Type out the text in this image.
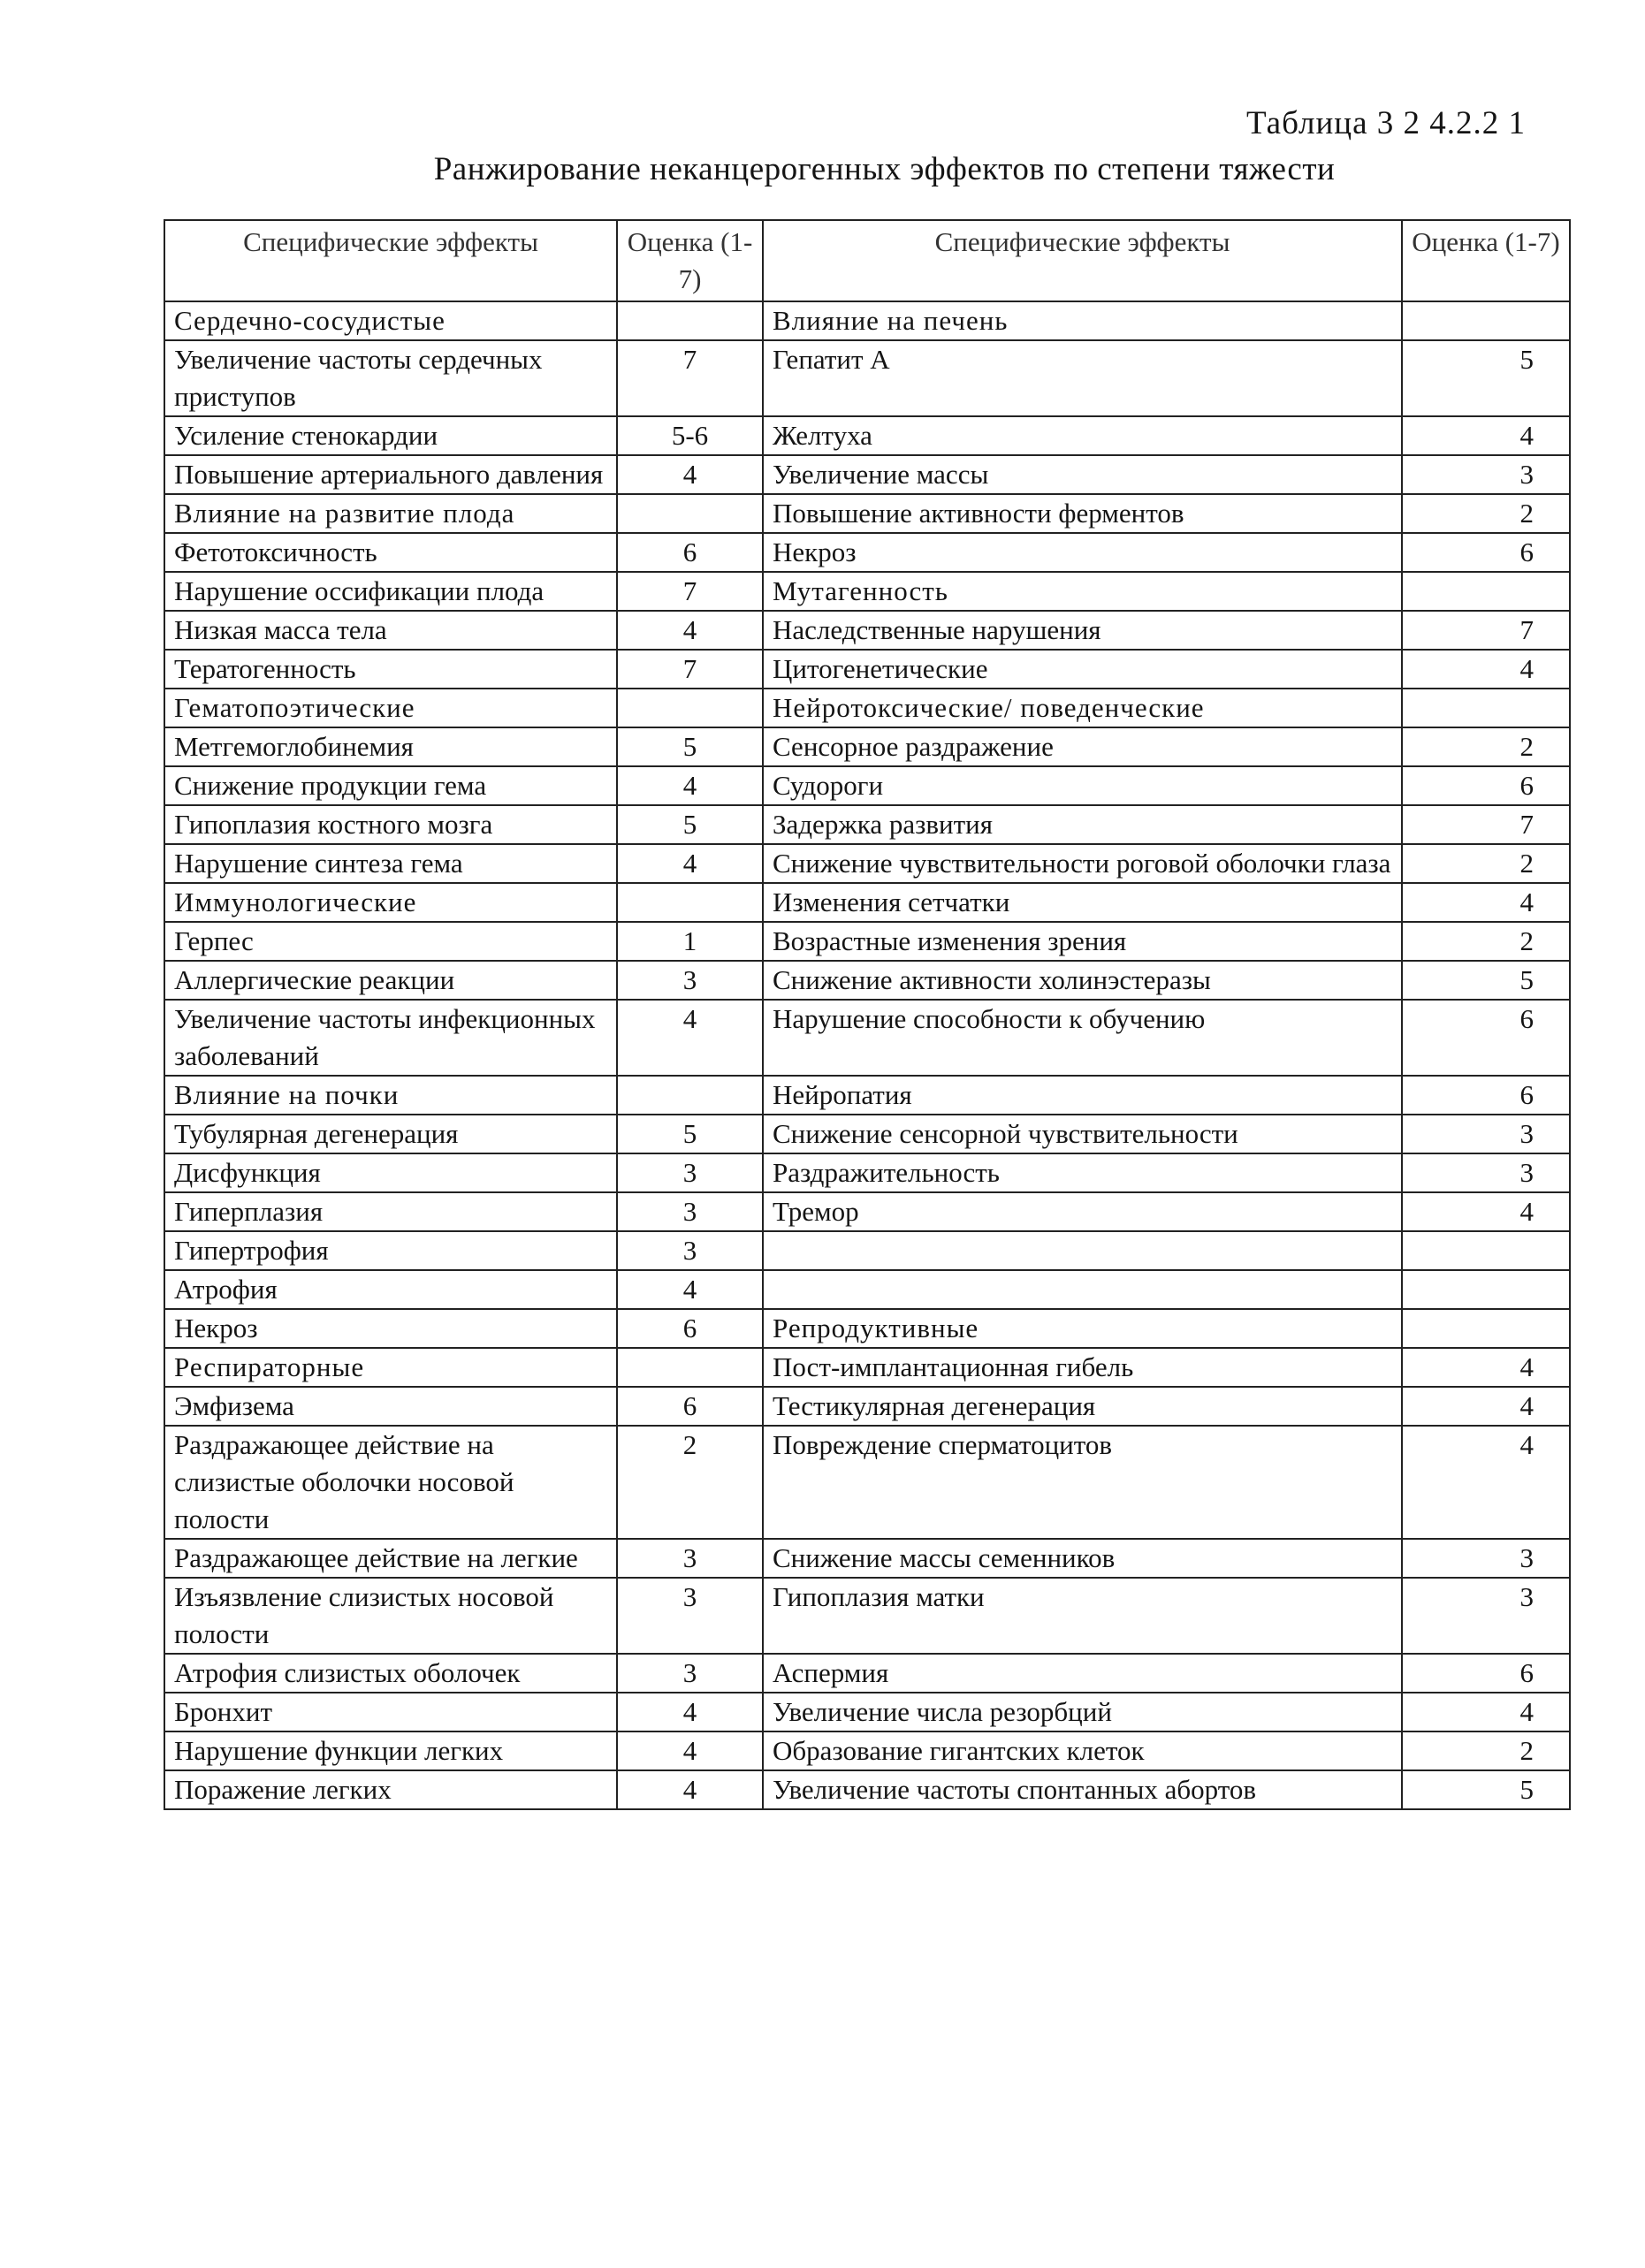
Таблица 3 2 4.2.2 1
Ранжирование неканцерогенных эффектов по степени тяжести
Специфические эффекты	Оценка (1-7)	Специфические эффекты	Оценка (1-7)
Сердечно-сосудистые		Влияние на печень	
Увеличение частоты сердечных приступов	7	Гепатит А	5
Усиление стенокардии	5-6	Желтуха	4
Повышение артериального давления	4	Увеличение массы	3
Влияние на развитие плода		Повышение активности ферментов	2
Фетотоксичность	6	Некроз	6
Нарушение оссификации плода	7	Мутагенность	
Низкая масса тела	4	Наследственные нарушения	7
Тератогенность	7	Цитогенетические	4
Гематопоэтические		Нейротоксические/ поведенческие	
Метгемоглобинемия	5	Сенсорное раздражение	2
Снижение продукции гема	4	Судороги	6
Гипоплазия костного мозга	5	Задержка развития	7
Нарушение синтеза гема	4	Снижение чувствительности роговой оболочки глаза	2
Иммунологические		Изменения сетчатки	4
Герпес	1	Возрастные изменения зрения	2
Аллергические реакции	3	Снижение активности холинэстеразы	5
Увеличение частоты инфекционных заболеваний	4	Нарушение способности к обучению	6
Влияние на почки		Нейропатия	6
Тубулярная дегенерация	5	Снижение сенсорной чувствительности	3
Дисфункция	3	Раздражительность	3
Гиперплазия	3	Тремор	4
Гипертрофия	3		
Атрофия	4		
Некроз	6	Репродуктивные	
Респираторные		Пост-имплантационная гибель	4
Эмфизема	6	Тестикулярная дегенерация	4
Раздражающее действие на слизистые оболочки носовой полости	2	Повреждение сперматоцитов	4
Раздражающее действие на легкие	3	Снижение массы семенников	3
Изъязвление слизистых носовой полости	3	Гипоплазия матки	3
Атрофия слизистых оболочек	3	Аспермия	6
Бронхит	4	Увеличение числа резорбций	4
Нарушение функции легких	4	Образование гигантских клеток	2
Поражение легких	4	Увеличение частоты спонтанных абортов	5
